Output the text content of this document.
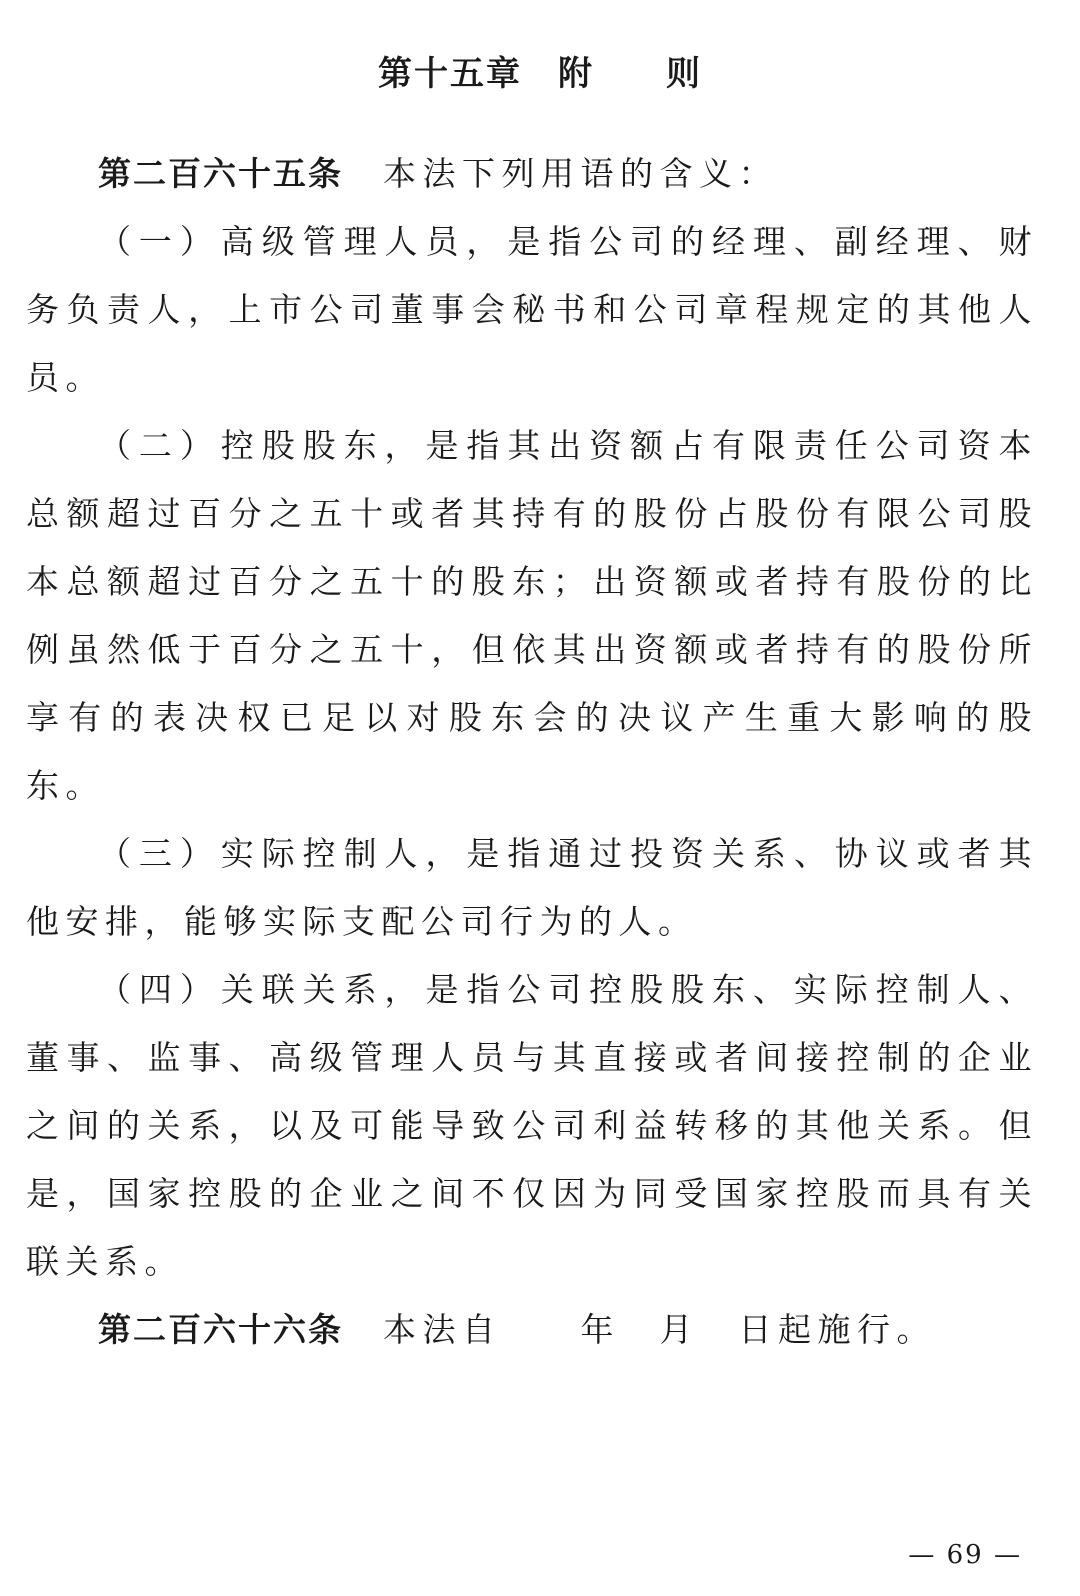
第十五章　附　　则

第二百六十五条 本法下列用语的含义：

（一）高级管理人员，是指公司的经理、副经理、财务负责人，上市公司董事会秘书和公司章程规定的其他人员。

（二）控股股东，是指其出资额占有限责任公司资本总额超过百分之五十或者其持有的股份占股份有限公司股本总额超过百分之五十的股东；出资额或者持有股份的比例虽然低于百分之五十，但依其出资额或者持有的股份所享有的表决权已足以对股东会的决议产生重大影响的股东。

（三）实际控制人，是指通过投资关系、协议或者其他安排，能够实际支配公司行为的人。

（四）关联关系，是指公司控股股东、实际控制人、董事、监事、高级管理人员与其直接或者间接控制的企业之间的关系，以及可能导致公司利益转移的其他关系。但是，国家控股的企业之间不仅因为同受国家控股而具有关联关系。

第二百六十六条 本法自　　 年　 月　 日起施行。

— 69 —
